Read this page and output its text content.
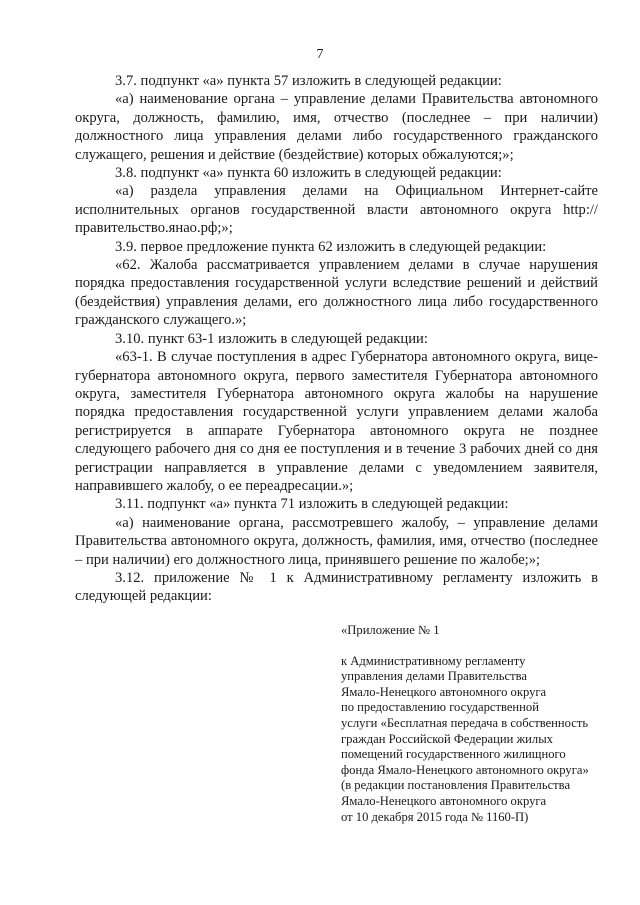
7

3.7. подпункт «а» пункта 57 изложить в следующей редакции:

«а) наименование органа – управление делами Правительства автономного округа, должность, фамилию, имя, отчество (последнее – при наличии) должностного лица управления делами либо государственного гражданского служащего, решения и действие (бездействие) которых обжалуются;»;

3.8. подпункт «а» пункта 60 изложить в следующей редакции:

«а) раздела управления делами на Официальном Интернет-сайте исполнительных органов государственной власти автономного округа http://правительство.янао.рф;»;

3.9. первое предложение пункта 62 изложить в следующей редакции:

«62. Жалоба рассматривается управлением делами в случае нарушения порядка предоставления государственной услуги вследствие решений и действий (бездействия) управления делами, его должностного лица либо государственного гражданского служащего.»;

3.10. пункт 63-1 изложить в следующей редакции:

«63-1. В случае поступления в адрес Губернатора автономного округа, вице-губернатора автономного округа, первого заместителя Губернатора автономного округа, заместителя Губернатора автономного округа жалобы на нарушение порядка предоставления государственной услуги управлением делами жалоба регистрируется в аппарате Губернатора автономного округа не позднее следующего рабочего дня со дня ее поступления и в течение 3 рабочих дней со дня регистрации направляется в управление делами с уведомлением заявителя, направившего жалобу, о ее переадресации.»;

3.11. подпункт «а» пункта 71 изложить в следующей редакции:

«а) наименование органа, рассмотревшего жалобу, – управление делами Правительства автономного округа, должность, фамилия, имя, отчество (последнее – при наличии) его должностного лица, принявшего решение по жалобе;»;

3.12. приложение № 1 к Административному регламенту изложить в следующей редакции:

«Приложение № 1

к Административному регламенту

управления делами Правительства

Ямало-Ненецкого автономного округа

по предоставлению государственной

услуги «Бесплатная передача в собственность

граждан Российской Федерации жилых

помещений государственного жилищного

фонда Ямало-Ненецкого автономного округа»

(в редакции постановления Правительства

Ямало-Ненецкого автономного округа

от 10 декабря 2015 года № 1160-П)
